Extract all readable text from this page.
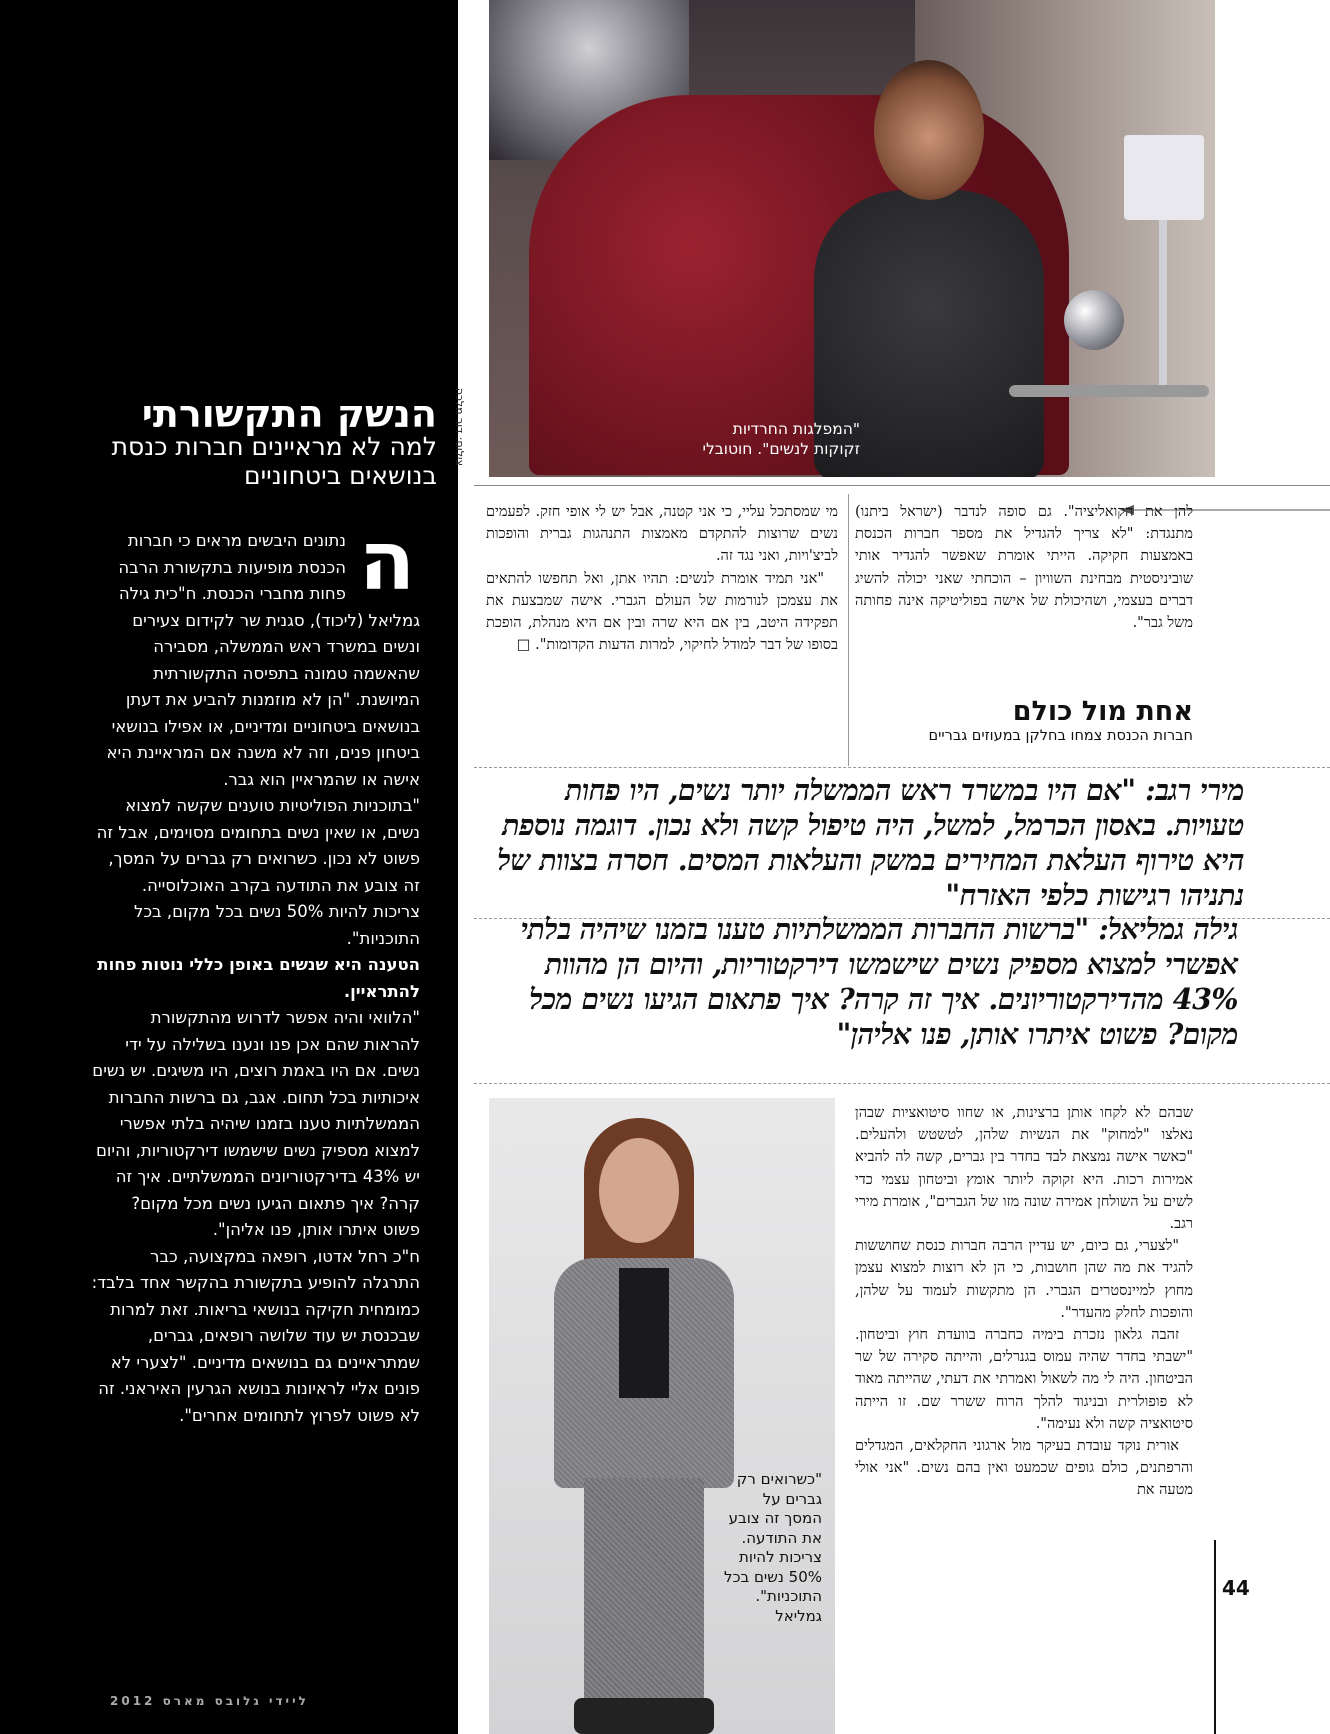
הנשק התקשורתי
למה לא מראיינים חברות כנסת בנושאים ביטחוניים
ה

נתונים היבשים מראים כי חברות הכנסת מופיעות בתקשורת הרבה פחות מחברי הכנסת. ח"כית גילה גמליאל (ליכוד), סגנית שר לקידום צעירים ונשים במשרד ראש הממשלה, מסבירה שהאשמה טמונה בתפיסה התקשורתית המיושנת. "הן לא מוזמנות להביע את דעתן בנושאים ביטחוניים ומדיניים, או אפילו בנושאי ביטחון פנים, וזה לא משנה אם המראיינת היא אישה או שהמראיין הוא גבר.

"בתוכניות הפוליטיות טוענים שקשה למצוא נשים, או שאין נשים בתחומים מסוימים, אבל זה פשוט לא נכון. כשרואים רק גברים על המסך, זה צובע את התודעה בקרב האוכלוסייה. צריכות להיות 50% נשים בכל מקום, בכל התוכניות".

הטענה היא שנשים באופן כללי נוטות פחות להתראיין.

"הלוואי והיה אפשר לדרוש מהתקשורת להראות שהם אכן פנו ונענו בשלילה על ידי נשים. אם היו באמת רוצים, היו משיגים. יש נשים איכותיות בכל תחום. אגב, גם ברשות החברות הממשלתיות טענו בזמנו שיהיה בלתי אפשרי למצוא מספיק נשים שישמשו דירקטוריות, והיום יש 43% בדירקטוריונים הממשלתיים. איך זה קרה? איך פתאום הגיעו נשים מכל מקום? פשוט איתרו אותן, פנו אליהן".

ח"כ רחל אדטו, רופאה במקצועה, כבר התרגלה להופיע בתקשורת בהקשר אחד בלבד: כמומחית חקיקה בנושאי בריאות. זאת למרות שבכנסת יש עוד שלושה רופאים, גברים, שמתראיינים גם בנושאים מדיניים. "לצערי לא פונים אליי לראיונות בנושא הגרעין האיראני. זה לא פשוט לפרוץ לתחומים אחרים".

ליידי גלובס מארס 2012
צילום: דור מלכה	"המפלגות החרדיות זקוקות לנשים". חוטובלי

להן את הקואליציה". גם סופה לנדבר (ישראל ביתנו) מתנגדת: "לא צריך להגדיל את מספר חברות הכנסת באמצעות חקיקה. הייתי אומרת שאפשר להגדיר אותי שוביניסטית מבחינת השוויון – הוכחתי שאני יכולה להשיג דברים בעצמי, ושהיכולת של אישה בפוליטיקה אינה פחותה משל גבר".

אחת מול כולם
חברות הכנסת צמחו בחלקן במעוזים גבריים

מי שמסתכל עליי, כי אני קטנה, אבל יש לי אופי חזק. לפעמים נשים שרוצות להתקדם מאמצות התנהגות גברית והופכות לביצ'ויות, ואני נגד זה.

"אני תמיד אומרת לנשים: תהיו אתן, ואל תחפשו להתאים את עצמכן לנורמות של העולם הגברי. אישה שמבצעת את תפקידה היטב, בין אם היא שרה ובין אם היא מנהלת, הופכת בסופו של דבר למודל לחיקוי, למרות הדעות הקדומות". □

מירי רגב: "אם היו במשרד ראש הממשלה יותר נשים, היו פחות טעויות. באסון הכרמל, למשל, היה טיפול קשה ולא נכון. דוגמה נוספת היא טירוף העלאת המחירים במשק והעלאות המסים. חסרה בצוות של נתניהו רגישות כלפי האזרח"
גילה גמליאל: "ברשות החברות הממשלתיות טענו בזמנו שיהיה בלתי אפשרי למצוא מספיק נשים שישמשו דירקטוריות, והיום הן מהוות 43% מהדירקטוריונים. איך זה קרה? איך פתאום הגיעו נשים מכל מקום? פשוט איתרו אותן, פנו אליהן"
"כשרואים רק גברים על המסך זה צובע את התודעה. צריכות להיות 50% נשים בכל התוכניות". גמליאל

שבהם לא לקחו אותן ברצינות, או שחוו סיטואציות שבהן נאלצו "למחוק" את הנשיות שלהן, לטשטש ולהעלים. "כאשר אישה נמצאת לבד בחדר בין גברים, קשה לה להביא אמירות רכות. היא זקוקה ליותר אומץ וביטחון עצמי כדי לשים על השולחן אמירה שונה מזו של הגברים", אומרת מירי רגב.

"לצערי, גם כיום, יש עדיין הרבה חברות כנסת שחוששות להגיד את מה שהן חושבות, כי הן לא רוצות למצוא עצמן מחוץ למיינסטרים הגברי. הן מתקשות לעמוד על שלהן, והופכות לחלק מהעדר".

זהבה גלאון נזכרת בימיה כחברה בוועדת חוץ וביטחון. "ישבתי בחדר שהיה עמוס בגנרלים, והייתה סקירה של שר הביטחון. היה לי מה לשאול ואמרתי את דעתי, שהייתה מאוד לא פופולרית ובניגוד להלך הרוח ששרר שם. זו הייתה סיטואציה קשה ולא נעימה".

אורית נוקד עובדת בעיקר מול ארגוני החקלאים, המגדלים והרפתנים, כולם גופים שכמעט ואין בהם נשים. "אני אולי מטעה את

44
